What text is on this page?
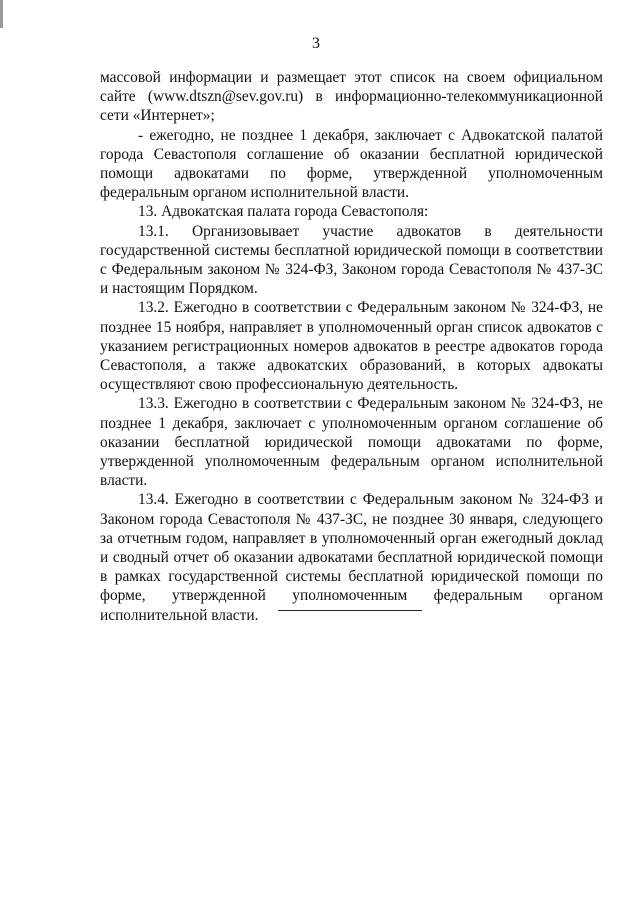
3

массовой информации и размещает этот список на своем официальном сайте (www.dtszn@sev.gov.ru) в информационно-телекоммуникационной сети «Интернет»;

- ежегодно, не позднее 1 декабря, заключает с Адвокатской палатой города Севастополя соглашение об оказании бесплатной юридической помощи адвокатами по форме, утвержденной уполномоченным федеральным органом исполнительной власти.

13. Адвокатская палата города Севастополя:

13.1. Организовывает участие адвокатов в деятельности государственной системы бесплатной юридической помощи в соответствии с Федеральным законом № 324-ФЗ, Законом города Севастополя № 437-ЗС и настоящим Порядком.

13.2. Ежегодно в соответствии с Федеральным законом № 324-ФЗ, не позднее 15 ноября, направляет в уполномоченный орган список адвокатов с указанием регистрационных номеров адвокатов в реестре адвокатов города Севастополя, а также адвокатских образований, в которых адвокаты осуществляют свою профессиональную деятельность.

13.3. Ежегодно в соответствии с Федеральным законом № 324-ФЗ, не позднее 1 декабря, заключает с уполномоченным органом соглашение об оказании бесплатной юридической помощи адвокатами по форме, утвержденной уполномоченным федеральным органом исполнительной власти.

13.4. Ежегодно в соответствии с Федеральным законом № 324-ФЗ и Законом города Севастополя № 437-ЗС, не позднее 30 января, следующего за отчетным годом, направляет в уполномоченный орган ежегодный доклад и сводный отчет об оказании адвокатами бесплатной юридической помощи в рамках государственной системы бесплатной юридической помощи по форме, утвержденной уполномоченным федеральным органом исполнительной власти.
